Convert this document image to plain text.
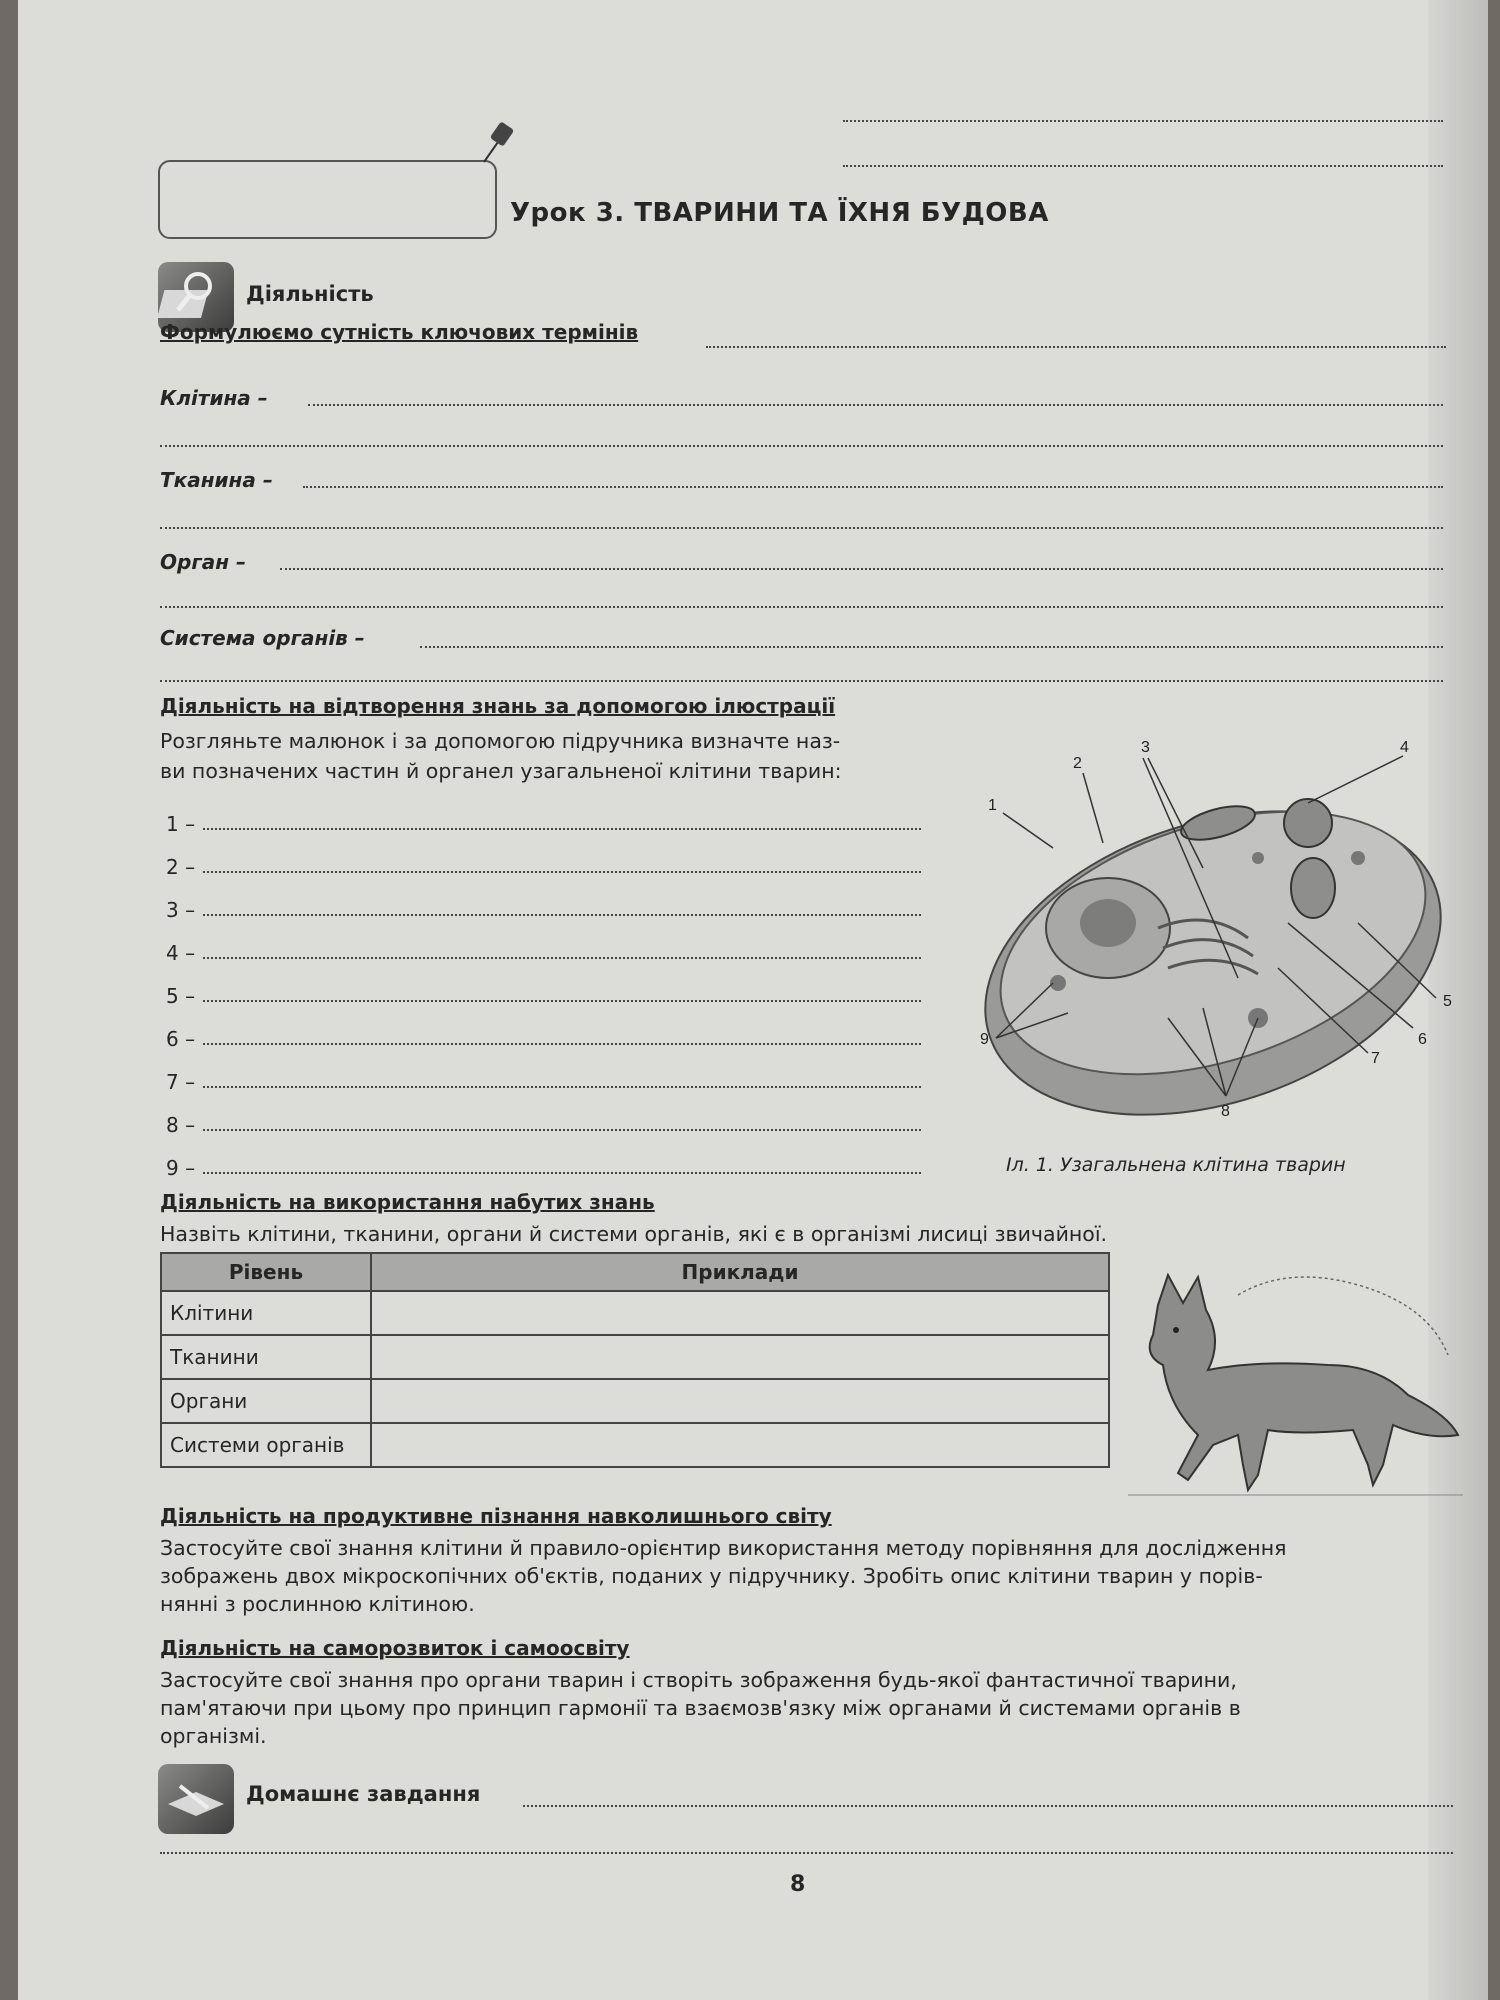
Урок 3. ТВАРИНИ ТА ЇХНЯ БУДОВА
Діяльність
Формулюємо сутність ключових термінів
Клітина –
Тканина –
Орган –
Система органів –
Діяльність на відтворення знань за допомогою ілюстрації
Розгляньте малюнок і за допомогою підручника визначте наз-
ви позначених частин й органел узагальненої клітини тварин:
1 –
2 –
3 –
4 –
5 –
6 –
7 –
8 –
9 –
1
2
3	4
5
6
7
8
9
Іл. 1. Узагальнена клітина тварин
Діяльність на використання набутих знань
Назвіть клітини, тканини, органи й системи органів, які є в організмі лисиці звичайної.
Рівень	Приклади
Клітини	
Тканини	
Органи	
Системи органів	
Діяльність на продуктивне пізнання навколишнього світу
Застосуйте свої знання клітини й правило-орієнтир використання методу порівняння для дослідження
зображень двох мікроскопічних об'єктів, поданих у підручнику. Зробіть опис клітини тварин у порів-
нянні з рослинною клітиною.
Діяльність на саморозвиток і самоосвіту
Застосуйте свої знання про органи тварин і створіть зображення будь-якої фантастичної тварини,
пам'ятаючи при цьому про принцип гармонії та взаємозв'язку між органами й системами органів в
організмі.
Домашнє завдання
8
